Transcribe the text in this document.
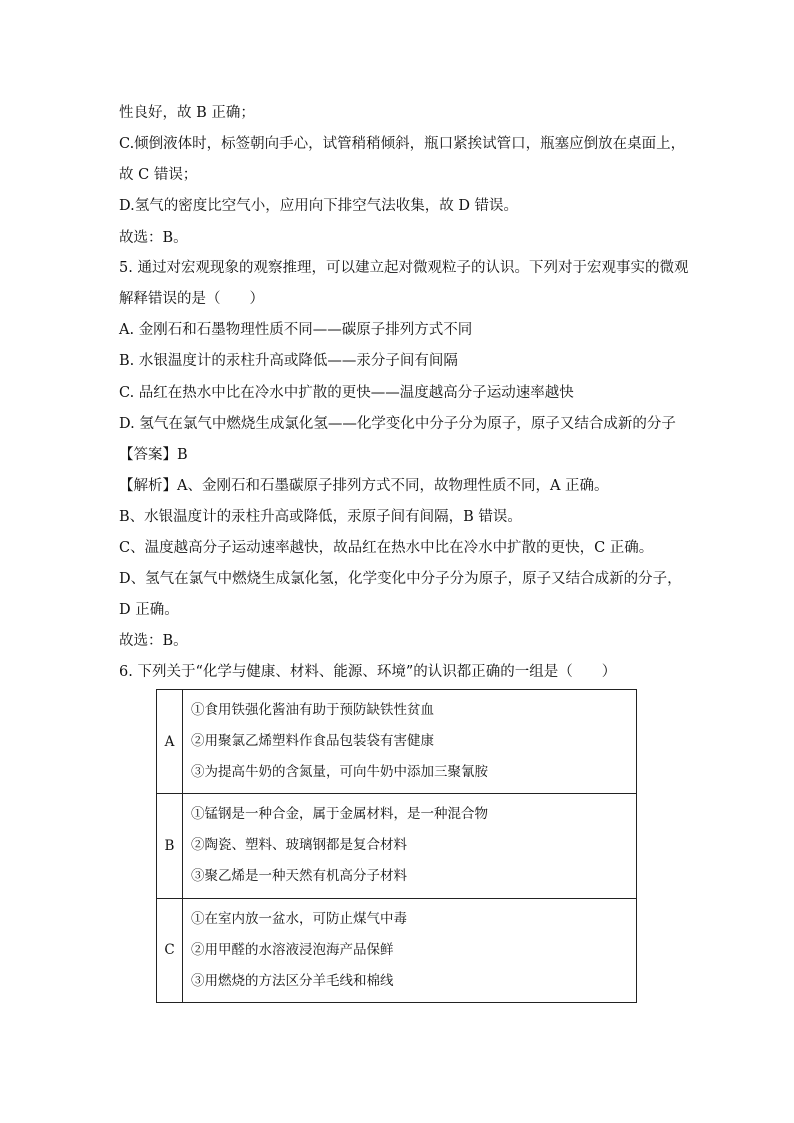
性良好，故 B 正确；
C.倾倒液体时，标签朝向手心，试管稍稍倾斜，瓶口紧挨试管口，瓶塞应倒放在桌面上，
故 C 错误；
D.氢气的密度比空气小，应用向下排空气法收集，故 D 错误。
故选：B。
5. 通过对宏观现象的观察推理，可以建立起对微观粒子的认识。下列对于宏观事实的微观
解释错误的是（　　）
A. 金刚石和石墨物理性质不同——碳原子排列方式不同
B. 水银温度计的汞柱升高或降低——汞分子间有间隔
C. 品红在热水中比在冷水中扩散的更快——温度越高分子运动速率越快
D. 氢气在氯气中燃烧生成氯化氢——化学变化中分子分为原子，原子又结合成新的分子
【答案】B
【解析】A、金刚石和石墨碳原子排列方式不同，故物理性质不同，A 正确。
B、水银温度计的汞柱升高或降低，汞原子间有间隔，B 错误。
C、温度越高分子运动速率越快，故品红在热水中比在冷水中扩散的更快，C 正确。
D、氢气在氯气中燃烧生成氯化氢，化学变化中分子分为原子，原子又结合成新的分子，
D 正确。
故选：B。
6. 下列关于“化学与健康、材料、能源、环境”的认识都正确的一组是（　　）
A	①食用铁强化酱油有助于预防缺铁性贫血
②用聚氯乙烯塑料作食品包装袋有害健康
③为提高牛奶的含氮量，可向牛奶中添加三聚氰胺

B	①锰钢是一种合金，属于金属材料，是一种混合物
②陶瓷、塑料、玻璃钢都是复合材料
③聚乙烯是一种天然有机高分子材料

C	①在室内放一盆水，可防止煤气中毒
②用甲醛的水溶液浸泡海产品保鲜
③用燃烧的方法区分羊毛线和棉线
